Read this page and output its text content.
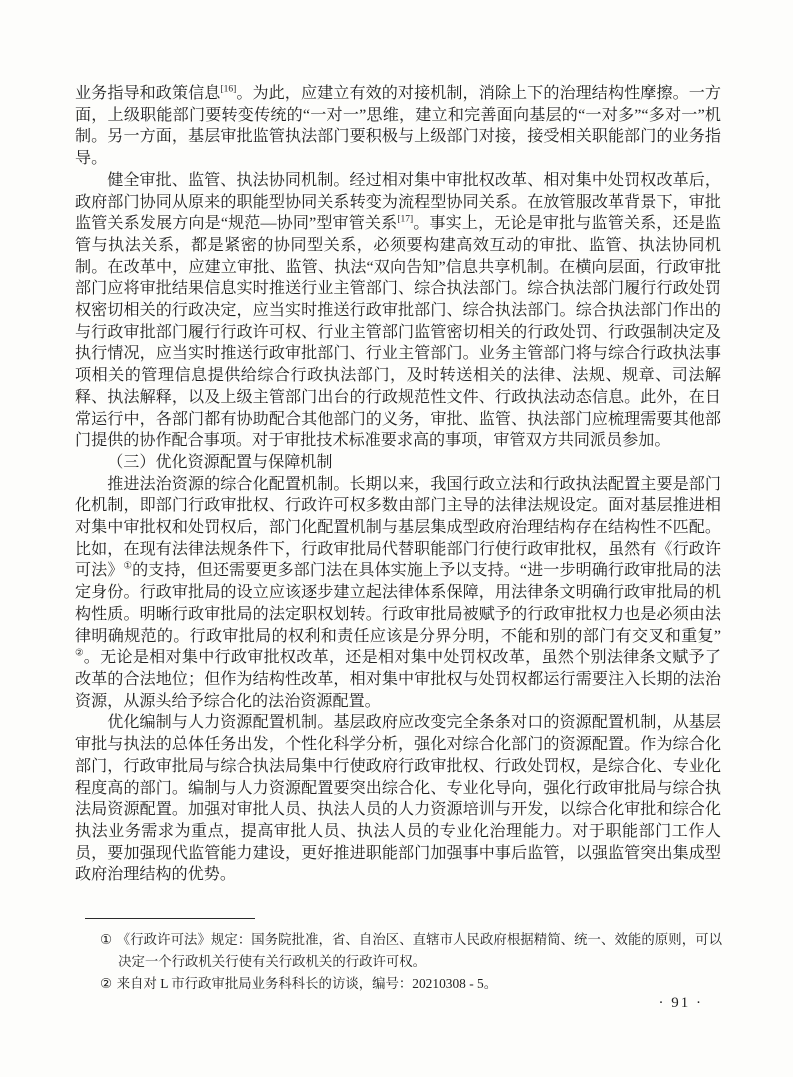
业务指导和政策信息[16]。为此，应建立有效的对接机制，消除上下的治理结构性摩擦。一方面，上级职能部门要转变传统的“一对一”思维，建立和完善面向基层的“一对多”“多对一”机制。另一方面，基层审批监管执法部门要积极与上级部门对接，接受相关职能部门的业务指导。

健全审批、监管、执法协同机制。经过相对集中审批权改革、相对集中处罚权改革后，政府部门协同从原来的职能型协同关系转变为流程型协同关系。在放管服改革背景下，审批监管关系发展方向是“规范—协同”型审管关系[17]。事实上，无论是审批与监管关系，还是监管与执法关系，都是紧密的协同型关系，必须要构建高效互动的审批、监管、执法协同机制。在改革中，应建立审批、监管、执法“双向告知”信息共享机制。在横向层面，行政审批部门应将审批结果信息实时推送行业主管部门、综合执法部门。综合执法部门履行行政处罚权密切相关的行政决定，应当实时推送行政审批部门、综合执法部门。综合执法部门作出的与行政审批部门履行行政许可权、行业主管部门监管密切相关的行政处罚、行政强制决定及执行情况，应当实时推送行政审批部门、行业主管部门。业务主管部门将与综合行政执法事项相关的管理信息提供给综合行政执法部门，及时转送相关的法律、法规、规章、司法解释、执法解释，以及上级主管部门出台的行政规范性文件、行政执法动态信息。此外，在日常运行中，各部门都有协助配合其他部门的义务，审批、监管、执法部门应梳理需要其他部门提供的协作配合事项。对于审批技术标准要求高的事项，审管双方共同派员参加。

（三）优化资源配置与保障机制

推进法治资源的综合化配置机制。长期以来，我国行政立法和行政执法配置主要是部门化机制，即部门行政审批权、行政许可权多数由部门主导的法律法规设定。面对基层推进相对集中审批权和处罚权后，部门化配置机制与基层集成型政府治理结构存在结构性不匹配。比如，在现有法律法规条件下，行政审批局代替职能部门行使行政审批权，虽然有《行政许可法》①的支持，但还需要更多部门法在具体实施上予以支持。“进一步明确行政审批局的法定身份。行政审批局的设立应该逐步建立起法律体系保障，用法律条文明确行政审批局的机构性质。明晰行政审批局的法定职权划转。行政审批局被赋予的行政审批权力也是必须由法律明确规范的。行政审批局的权利和责任应该是分界分明，不能和别的部门有交叉和重复”②。无论是相对集中行政审批权改革，还是相对集中处罚权改革，虽然个别法律条文赋予了改革的合法地位；但作为结构性改革，相对集中审批权与处罚权都运行需要注入长期的法治资源，从源头给予综合化的法治资源配置。

优化编制与人力资源配置机制。基层政府应改变完全条条对口的资源配置机制，从基层审批与执法的总体任务出发，个性化科学分析，强化对综合化部门的资源配置。作为综合化部门，行政审批局与综合执法局集中行使政府行政审批权、行政处罚权，是综合化、专业化程度高的部门。编制与人力资源配置要突出综合化、专业化导向，强化行政审批局与综合执法局资源配置。加强对审批人员、执法人员的人力资源培训与开发，以综合化审批和综合化执法业务需求为重点，提高审批人员、执法人员的专业化治理能力。对于职能部门工作人员，要加强现代监管能力建设，更好推进职能部门加强事中事后监管，以强监管突出集成型政府治理结构的优势。

① 《行政许可法》规定：国务院批准，省、自治区、直辖市人民政府根据精简、统一、效能的原则，可以决定一个行政机关行使有关行政机关的行政许可权。
② 来自对 L 市行政审批局业务科科长的访谈，编号：20210308 - 5。
· 91 ·
